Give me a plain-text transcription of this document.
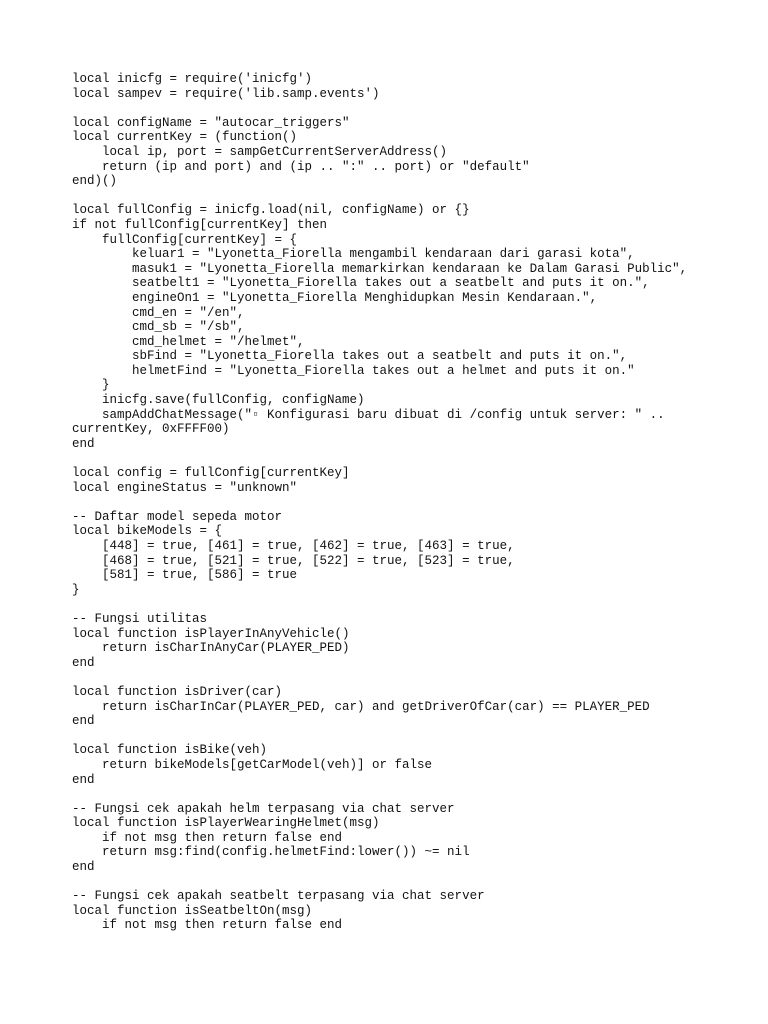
local inicfg = require('inicfg')
local sampev = require('lib.samp.events')
local configName = "autocar_triggers"
local currentKey = (function()
local ip, port = sampGetCurrentServerAddress()
return (ip and port) and (ip .. ":" .. port) or "default"
end)()
local fullConfig = inicfg.load(nil, configName) or {}
if not fullConfig[currentKey] then
fullConfig[currentKey] = {
keluar1 = "Lyonetta_Fiorella mengambil kendaraan dari garasi kota",
masuk1 = "Lyonetta_Fiorella memarkirkan kendaraan ke Dalam Garasi Public",
seatbelt1 = "Lyonetta_Fiorella takes out a seatbelt and puts it on.",
engineOn1 = "Lyonetta_Fiorella Menghidupkan Mesin Kendaraan.",
cmd_en = "/en",
cmd_sb = "/sb",
cmd_helmet = "/helmet",
sbFind = "Lyonetta_Fiorella takes out a seatbelt and puts it on.",
helmetFind = "Lyonetta_Fiorella takes out a helmet and puts it on."
}
inicfg.save(fullConfig, configName)
sampAddChatMessage("▫ Konfigurasi baru dibuat di /config untuk server: " ..
currentKey, 0xFFFF00)
end
local config = fullConfig[currentKey]
local engineStatus = "unknown"
-- Daftar model sepeda motor
local bikeModels = {
[448] = true, [461] = true, [462] = true, [463] = true,
[468] = true, [521] = true, [522] = true, [523] = true,
[581] = true, [586] = true
}
-- Fungsi utilitas
local function isPlayerInAnyVehicle()
return isCharInAnyCar(PLAYER_PED)
end
local function isDriver(car)
return isCharInCar(PLAYER_PED, car) and getDriverOfCar(car) == PLAYER_PED
end
local function isBike(veh)
return bikeModels[getCarModel(veh)] or false
end
-- Fungsi cek apakah helm terpasang via chat server
local function isPlayerWearingHelmet(msg)
if not msg then return false end
return msg:find(config.helmetFind:lower()) ~= nil
end
-- Fungsi cek apakah seatbelt terpasang via chat server
local function isSeatbeltOn(msg)
if not msg then return false end
